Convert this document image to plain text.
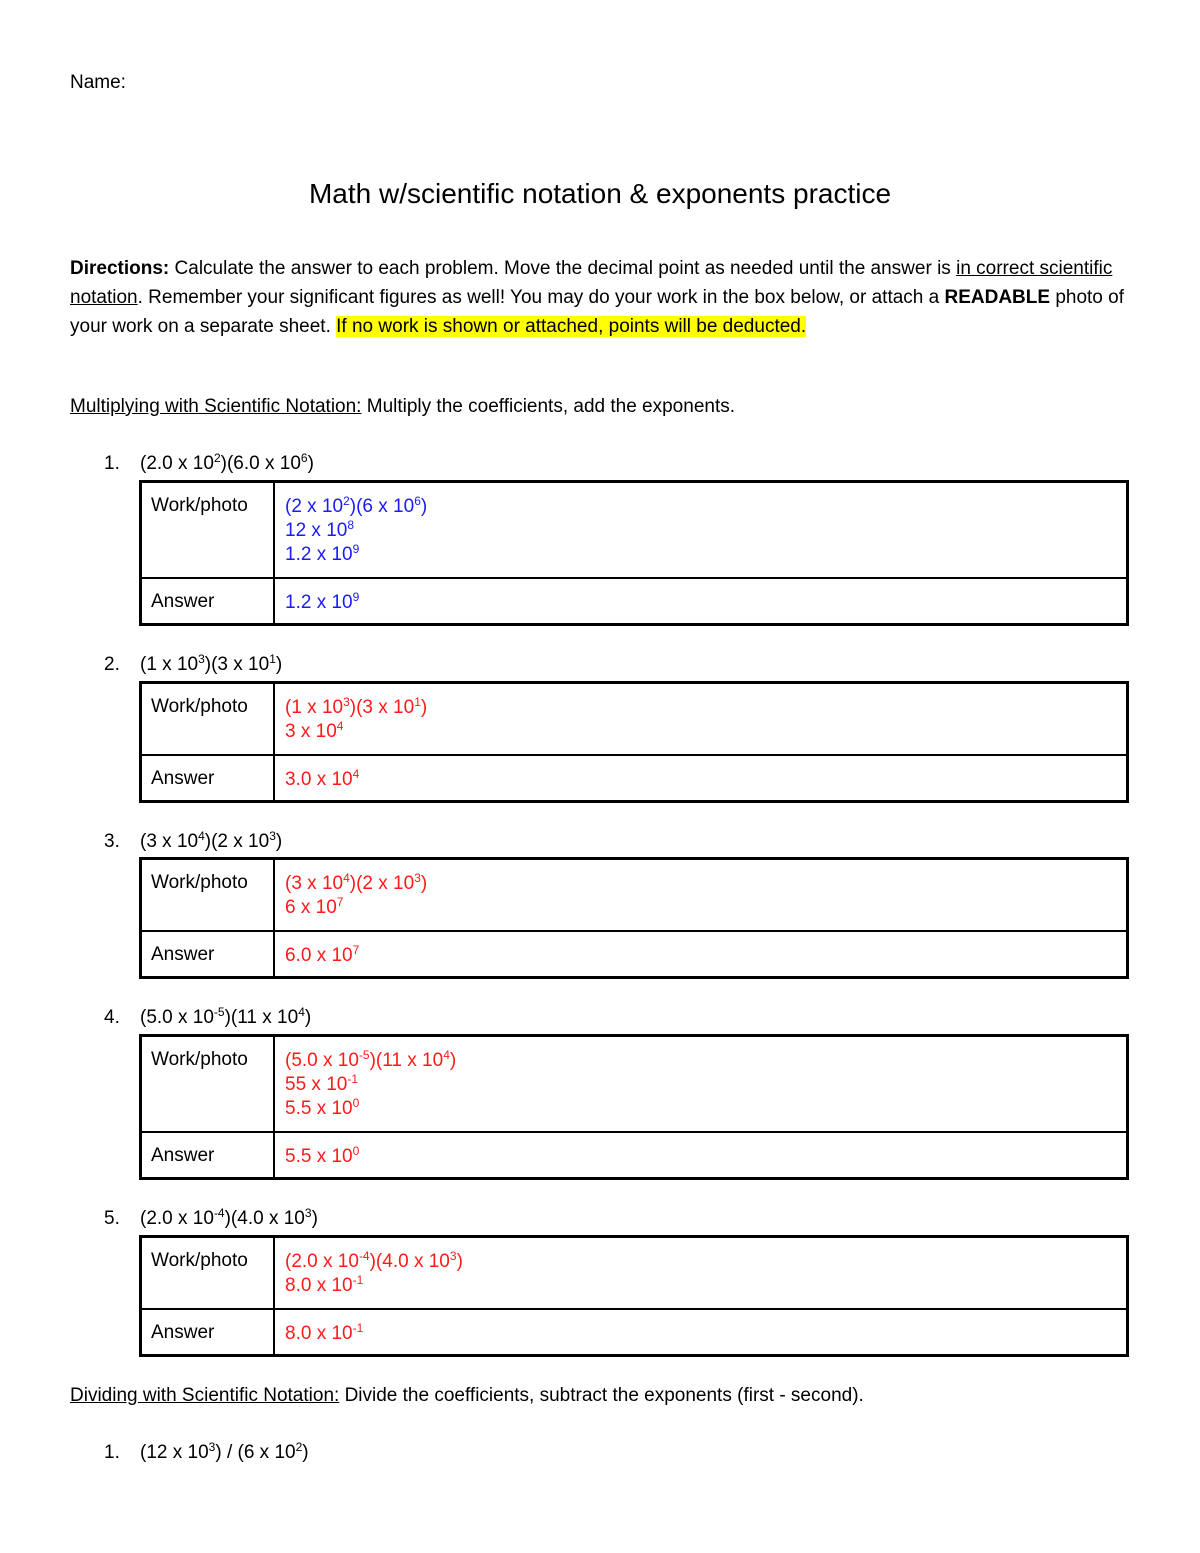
Name:
Math w/scientific notation & exponents practice
Directions: Calculate the answer to each problem. Move the decimal point as needed until the answer is in correct scientific notation. Remember your significant figures as well! You may do your work in the box below, or attach a READABLE photo of your work on a separate sheet. If no work is shown or attached, points will be deducted.
Multiplying with Scientific Notation: Multiply the coefficients, add the exponents.
1. (2.0 x $10^2)(6.0$ x $10^6$)
Work/photo	(2 x $10^2)(6$ x $10^6$)
12 x $10^8$
1.2 x $10^9$

Answer	1.2 x $10^9$
2. (1 x $10^3)(3$ x $10^1$)
Work/photo	(1 x $10^3)(3$ x $10^1$)
3 x $10^4$

Answer	3.0 x $10^4$
3. (3 x $10^4)(2$ x $10^3$)
Work/photo	(3 x $10^4)(2$ x $10^3$)
6 x $10^7$

Answer	6.0 x $10^7$
4. (5.0 x $10^{-5})(11$ x $10^4$)
Work/photo	(5.0 x $10^{-5})(11$ x $10^4$)
55 x $10^{-1}$
5.5 x $10^0$

Answer	5.5 x $10^0$
5. (2.0 x $10^{-4})(4.0$ x $10^3$)
Work/photo	(2.0 x $10^{-4})(4.0$ x $10^3$)
8.0 x $10^{-1}$

Answer	8.0 x $10^{-1}$
Dividing with Scientific Notation: Divide the coefficients, subtract the exponents (first - second).
1. (12 x $10^3) / (6$ x $10^2$)
